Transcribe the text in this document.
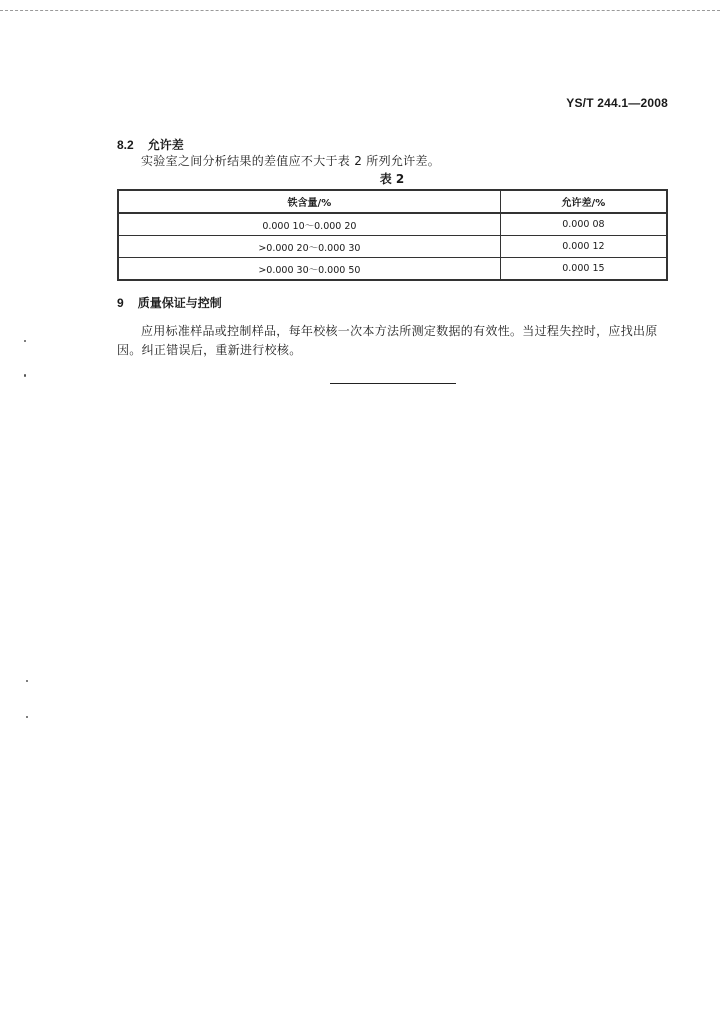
YS/T 244.1—2008
8.2 允许差
实验室之间分析结果的差值应不大于表 2 所列允许差。
表 2
铁含量/%	允许差/%
0.000 10～0.000 20	0.000 08
>0.000 20～0.000 30	0.000 12
>0.000 30～0.000 50	0.000 15
9 质量保证与控制
应用标准样品或控制样品，每年校核一次本方法所测定数据的有效性。当过程失控时，应找出原因。纠正错误后，重新进行校核。
